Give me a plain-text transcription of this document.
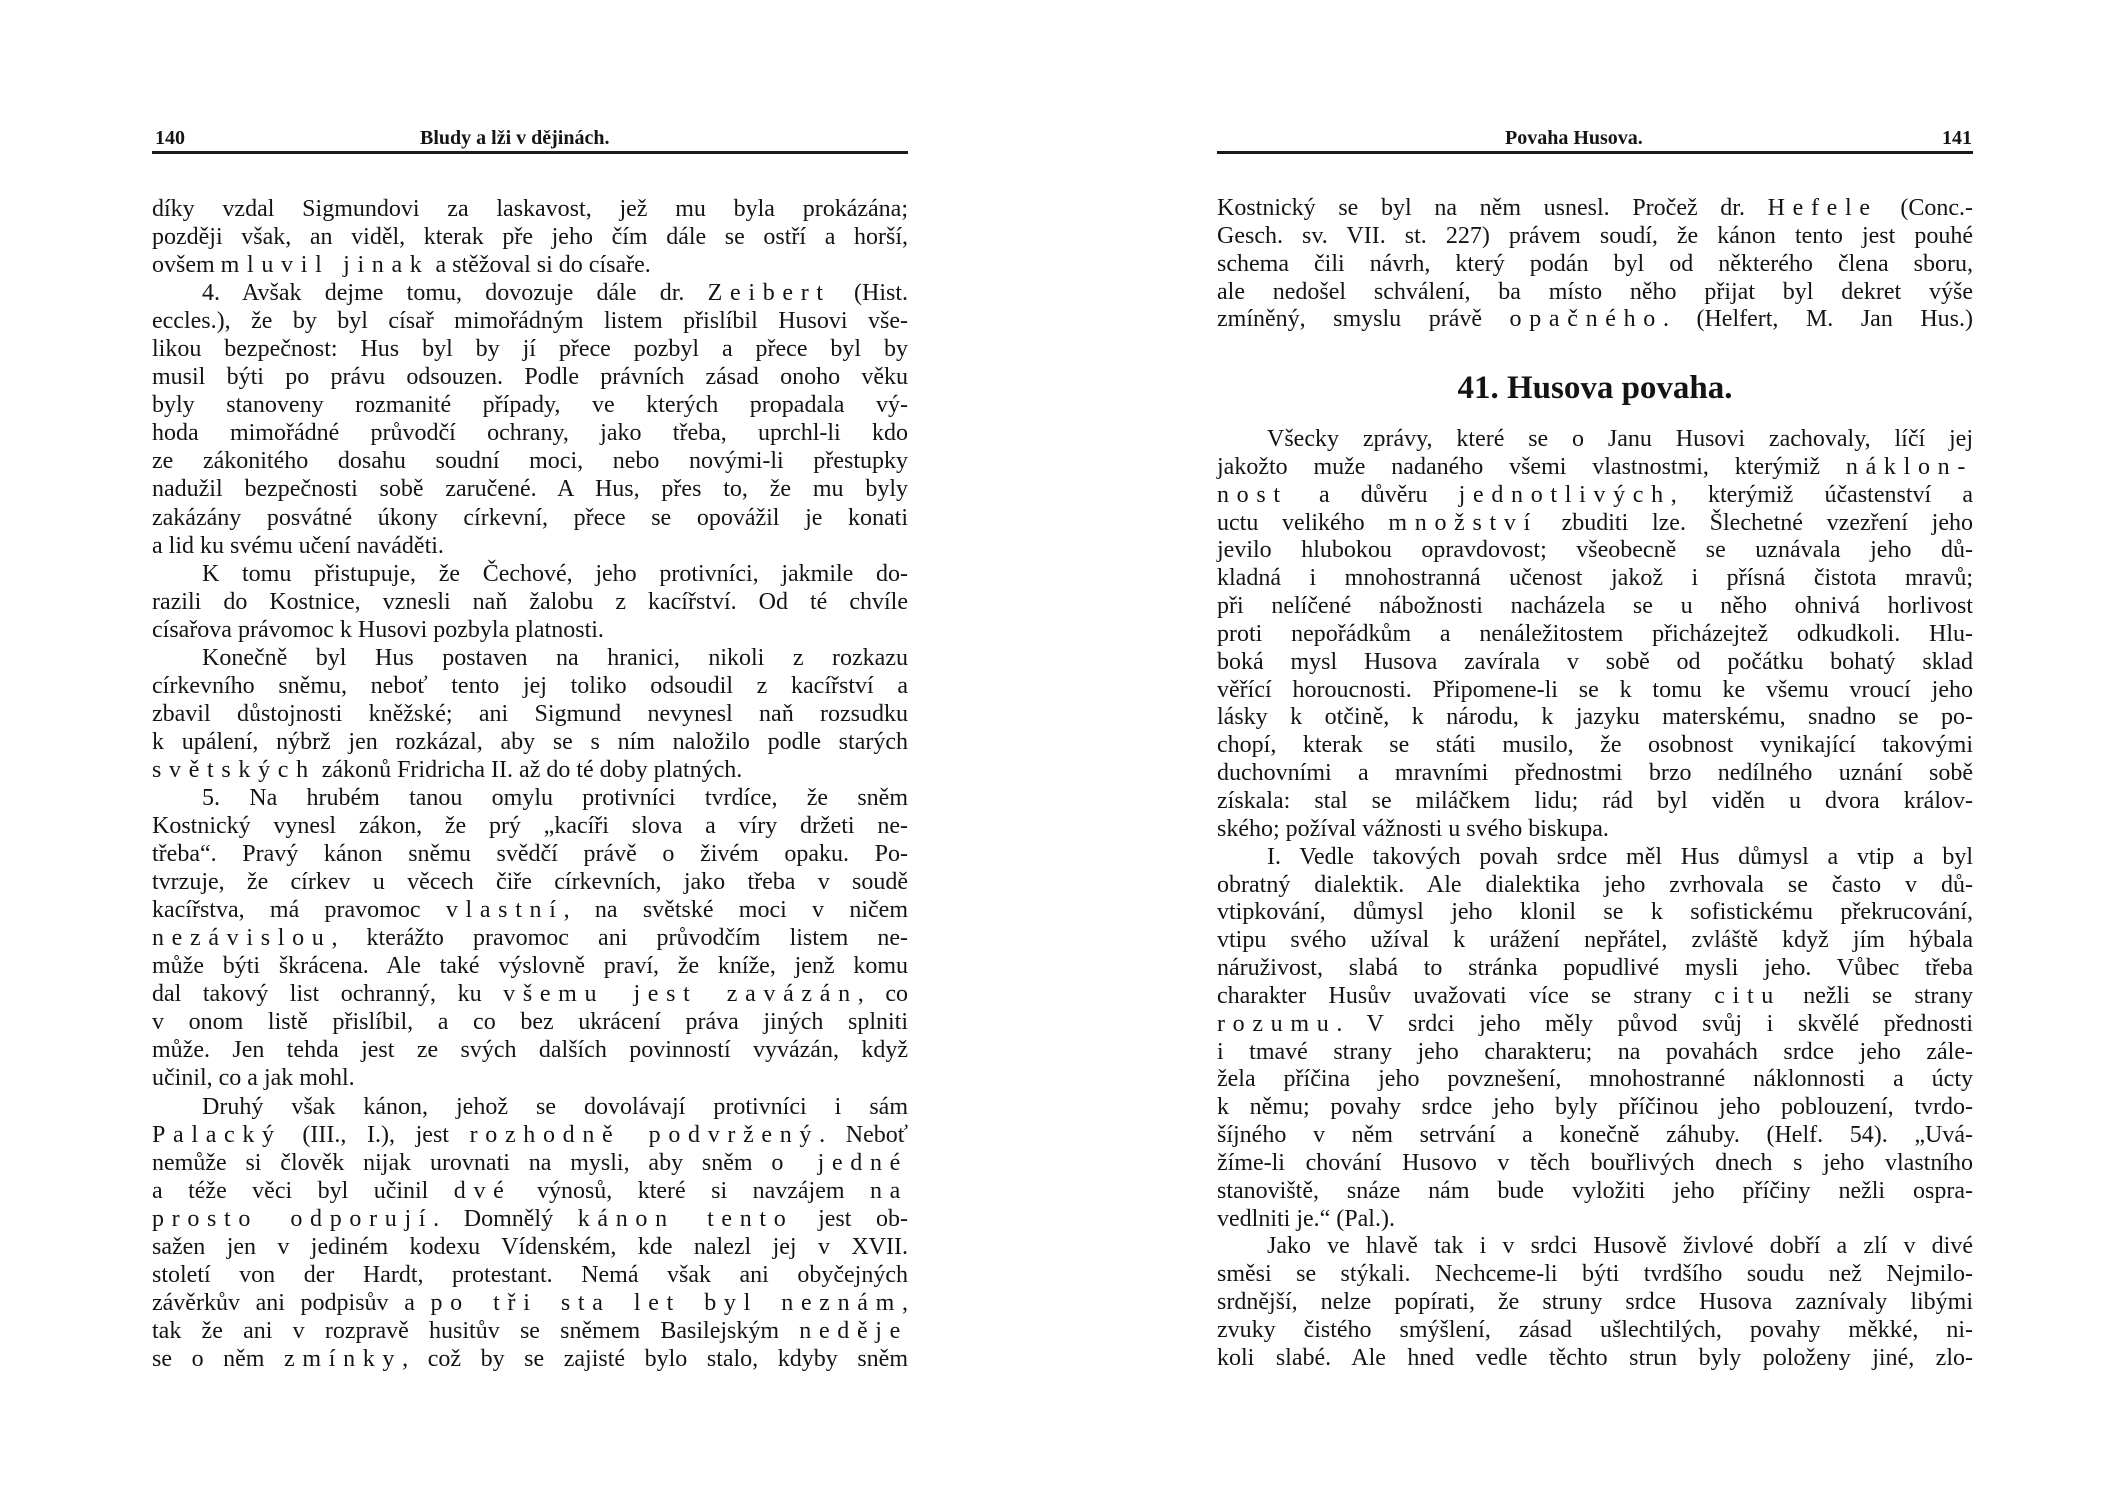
140	Bludy a lži v dějinách.
díky vzdal Sigmundovi za laskavost, jež mu byla prokázána;
později však, an viděl, kterak pře jeho čím dále se ostří a horší,
ovšem mluvil jinak a stěžoval si do císaře.
4. Avšak dejme tomu, dovozuje dále dr. Zeibert (Hist.
eccles.), že by byl císař mimořádným listem přislíbil Husovi vše-
likou bezpečnost: Hus byl by jí přece pozbyl a přece byl by
musil býti po právu odsouzen. Podle právních zásad onoho věku
byly stanoveny rozmanité případy, ve kterých propadala vý-
hoda mimořádné průvodčí ochrany, jako třeba, uprchl-li kdo
ze zákonitého dosahu soudní moci, nebo novými-li přestupky
nadužil bezpečnosti sobě zaručené. A Hus, přes to, že mu byly
zakázány posvátné úkony církevní, přece se opovážil je konati
a lid ku svému učení naváděti.
K tomu přistupuje, že Čechové, jeho protivníci, jakmile do-
razili do Kostnice, vznesli naň žalobu z kacířství. Od té chvíle
císařova právomoc k Husovi pozbyla platnosti.
Konečně byl Hus postaven na hranici, nikoli z rozkazu
církevního sněmu, neboť tento jej toliko odsoudil z kacířství a
zbavil důstojnosti kněžské; ani Sigmund nevynesl naň rozsudku
k upálení, nýbrž jen rozkázal, aby se s ním naložilo podle starých
světských zákonů Fridricha II. až do té doby platných.
5. Na hrubém tanou omylu protivníci tvrdíce, že sněm
Kostnický vynesl zákon, že prý „kacíři slova a víry držeti ne-
třeba“. Pravý kánon sněmu svědčí právě o živém opaku. Po-
tvrzuje, že církev u věcech čiře církevních, jako třeba v soudě
kacířstva, má pravomoc vlastní, na světské moci v ničem
nezávislou, kterážto pravomoc ani průvodčím listem ne-
může býti škrácena. Ale také výslovně praví, že kníže, jenž komu
dal takový list ochranný, ku všemu jest zavázán, co
v onom listě přislíbil, a co bez ukrácení práva jiných splniti
může. Jen tehda jest ze svých dalších povinností vyvázán, když
učinil, co a jak mohl.
Druhý však kánon, jehož se dovolávají protivníci i sám
Palacký (III., I.), jest rozhodně podvržený. Neboť
nemůže si člověk nijak urovnati na mysli, aby sněm o jedné
a téže věci byl učinil dvé výnosů, které si navzájem na
prosto odporují. Domnělý kánon tento jest ob-
sažen jen v jediném kodexu Vídenském, kde nalezl jej v XVII.
století von der Hardt, protestant. Nemá však ani obyčejných
závěrkův ani podpisův a po tři sta let byl neznám,
tak že ani v rozpravě husitův se sněmem Basilejským neděje
se o něm zmínky, což by se zajisté bylo stalo, kdyby sněm
Povaha Husova.	141
Kostnický se byl na něm usnesl. Pročež dr. Hefele (Conc.-
Gesch. sv. VII. st. 227) právem soudí, že kánon tento jest pouhé
schema čili návrh, který podán byl od některého člena sboru,
ale nedošel schválení, ba místo něho přijat byl dekret výše
zmíněný, smyslu právě opačného. (Helfert, M. Jan Hus.)
41. Husova povaha.
Všecky zprávy, které se o Janu Husovi zachovaly, líčí jej
jakožto muže nadaného všemi vlastnostmi, kterýmiž náklon-
nost a důvěru jednotlivých, kterýmiž účastenství a
uctu velikého množství zbuditi lze. Šlechetné vzezření jeho
jevilo hlubokou opravdovost; všeobecně se uznávala jeho dů-
kladná i mnohostranná učenost jakož i přísná čistota mravů;
při nelíčené nábožnosti nacházela se u něho ohnivá horlivost
proti nepořádkům a nenáležitostem přicházejtež odkudkoli. Hlu-
boká mysl Husova zavírala v sobě od počátku bohatý sklad
věřící horoucnosti. Připomene-li se k tomu ke všemu vroucí jeho
lásky k otčině, k národu, k jazyku materskému, snadno se po-
chopí, kterak se státi musilo, že osobnost vynikající takovými
duchovními a mravními přednostmi brzo nedílného uznání sobě
získala: stal se miláčkem lidu; rád byl viděn u dvora králov-
ského; požíval vážnosti u svého biskupa.
I. Vedle takových povah srdce měl Hus důmysl a vtip a byl
obratný dialektik. Ale dialektika jeho zvrhovala se často v dů-
vtipkování, důmysl jeho klonil se k sofistickému překrucování,
vtipu svého užíval k urážení nepřátel, zvláště když jím hýbala
náruživost, slabá to stránka popudlivé mysli jeho. Vůbec třeba
charakter Husův uvažovati více se strany citu nežli se strany
rozumu. V srdci jeho měly původ svůj i skvělé přednosti
i tmavé strany jeho charakteru; na povahách srdce jeho zále-
žela příčina jeho povznešení, mnohostranné náklonnosti a úcty
k němu; povahy srdce jeho byly příčinou jeho poblouzení, tvrdo-
šíjného v něm setrvání a konečně záhuby. (Helf. 54). „Uvá-
žíme-li chování Husovo v těch bouřlivých dnech s jeho vlastního
stanoviště, snáze nám bude vyložiti jeho příčiny nežli ospra-
vedlniti je.“ (Pal.).
Jako ve hlavě tak i v srdci Husově živlové dobří a zlí v divé
směsi se stýkali. Nechceme-li býti tvrdšího soudu než Nejmilo-
srdnější, nelze popírati, že struny srdce Husova zaznívaly libými
zvuky čistého smýšlení, zásad ušlechtilých, povahy měkké, ni-
koli slabé. Ale hned vedle těchto strun byly položeny jiné, zlo-
